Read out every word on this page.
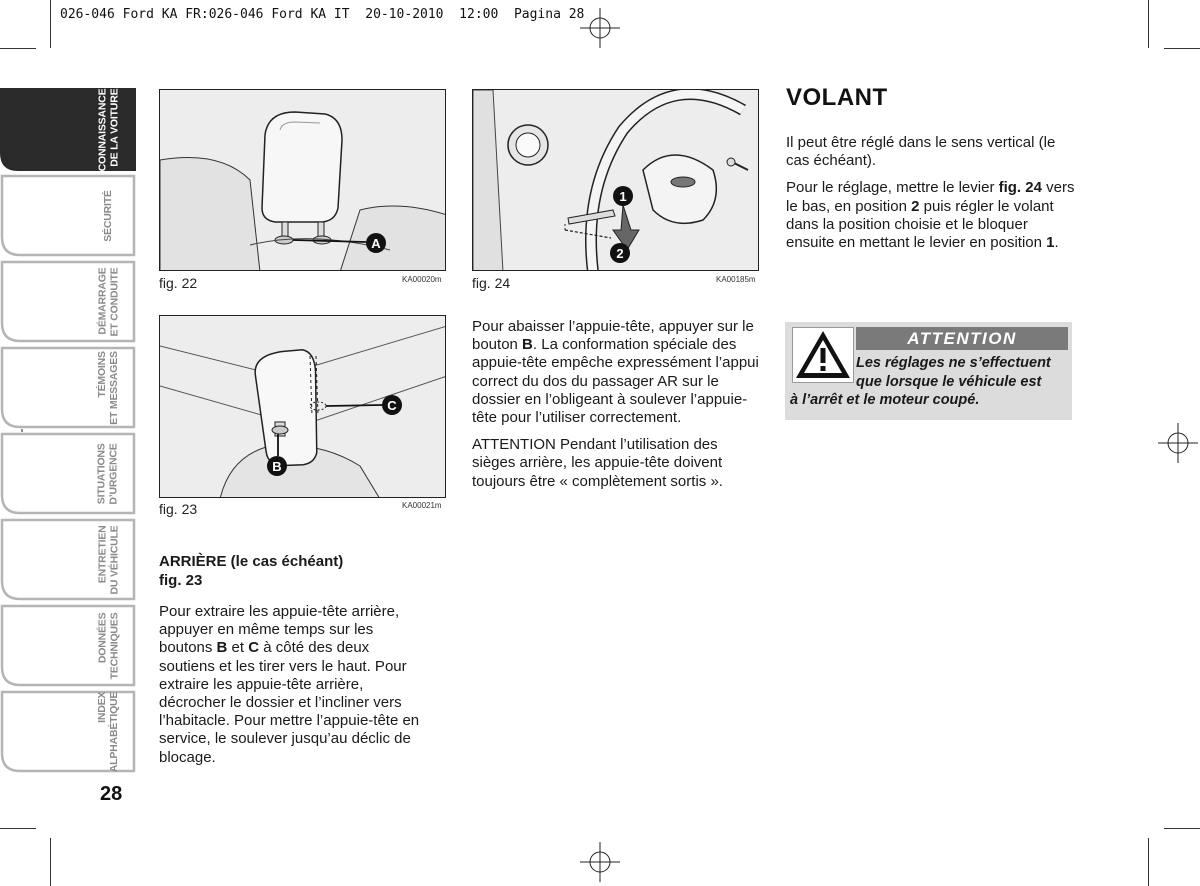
026-046 Ford KA FR:026-046 Ford KA IT  20-10-2010  12:00  Pagina 28
CONNAISSANCE
DE LA VOITURE
SÉCURITÉ
DÉMARRAGE
ET CONDUITE
TÉMOINS
ET MESSAGES
SITUATIONS
D’URGENCE
ENTRETIEN
DU VÉHICULE
DONNÉES
TECHNIQUES
INDEX
ALPHABÉTIQUE
28
A
fig. 22	KA00020m
C
B
fig. 23	KA00021m
1
2
fig. 24	KA00185m
ARRIÈRE (le cas échéant)
fig. 23

Pour extraire les appuie-tête arrière, appuyer en même temps sur les boutons B et C à côté des deux soutiens et les tirer vers le haut. Pour extraire les appuie-tête arrière, décrocher le dossier et l’incliner vers l’habitacle. Pour mettre l’appuie-tête en service, le soulever jusqu’au déclic de blocage.

Pour abaisser l’appuie-tête, appuyer sur le bouton B. La conformation spéciale des appuie-tête empêche expressément l’appui correct du dos du passager AR sur le dossier en l’obligeant à soulever l’appuie-tête pour l’utiliser correctement.

ATTENTION Pendant l’utilisation des sièges arrière, les appuie-tête doivent toujours être « complètement sortis ».

VOLANT

Il peut être réglé dans le sens vertical (le cas échéant).

Pour le réglage, mettre le levier fig. 24 vers le bas, en position 2 puis régler le volant dans la position choisie et le bloquer ensuite en mettant le levier en position 1.

ATTENTION
Les réglages ne s’effectuent
que lorsque le véhicule est
à l’arrêt et le moteur coupé.
